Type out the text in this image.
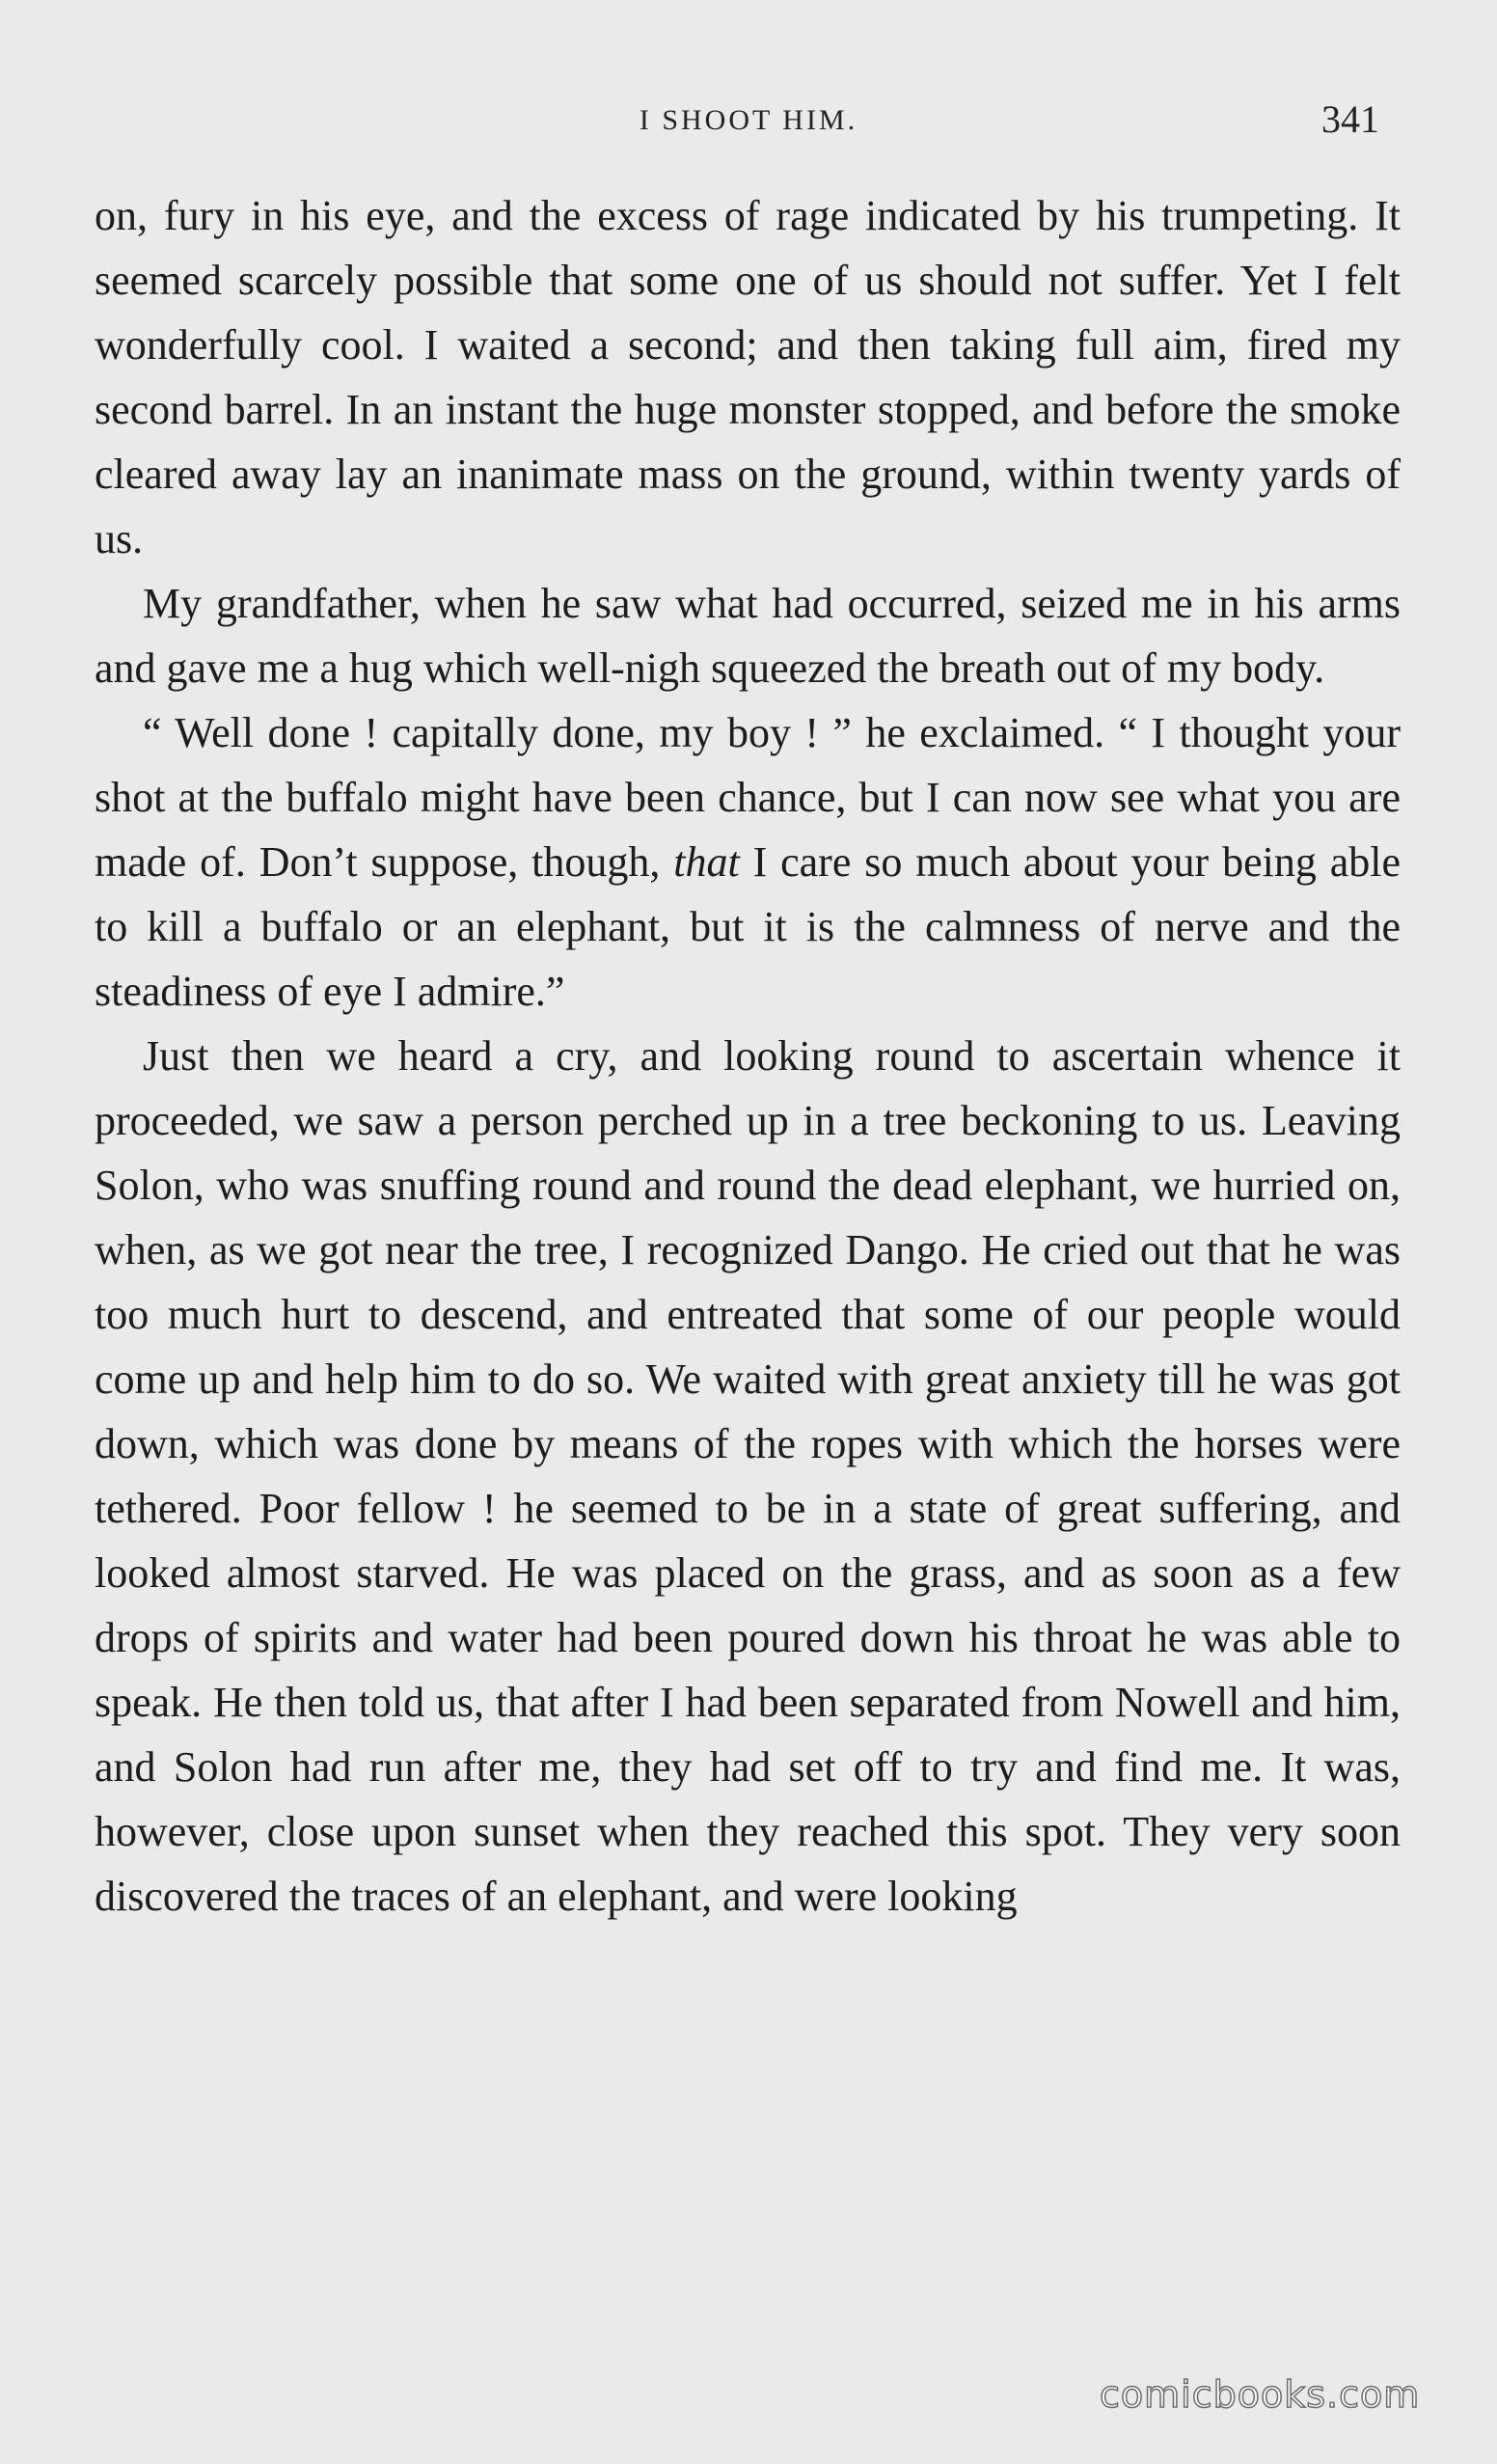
I SHOOT HIM.	341

on, fury in his eye, and the excess of rage indicated by his trumpeting. It seemed scarcely possible that some one of us should not suffer. Yet I felt wonderfully cool. I waited a second; and then taking full aim, fired my second barrel. In an instant the huge monster stopped, and before the smoke cleared away lay an inanimate mass on the ground, within twenty yards of us.

My grandfather, when he saw what had occurred, seized me in his arms and gave me a hug which well-nigh squeezed the breath out of my body.

“ Well done ! capitally done, my boy ! ” he exclaimed. “ I thought your shot at the buffalo might have been chance, but I can now see what you are made of. Don’t suppose, though, that I care so much about your being able to kill a buffalo or an elephant, but it is the calmness of nerve and the steadiness of eye I admire.”

Just then we heard a cry, and looking round to ascertain whence it proceeded, we saw a person perched up in a tree beckoning to us. Leaving Solon, who was snuffing round and round the dead elephant, we hurried on, when, as we got near the tree, I recognized Dango. He cried out that he was too much hurt to descend, and entreated that some of our people would come up and help him to do so. We waited with great anxiety till he was got down, which was done by means of the ropes with which the horses were tethered. Poor fellow ! he seemed to be in a state of great suffering, and looked almost starved. He was placed on the grass, and as soon as a few drops of spirits and water had been poured down his throat he was able to speak. He then told us, that after I had been separated from Nowell and him, and Solon had run after me, they had set off to try and find me. It was, however, close upon sunset when they reached this spot. They very soon discovered the traces of an elephant, and were looking

comicbooks.com
